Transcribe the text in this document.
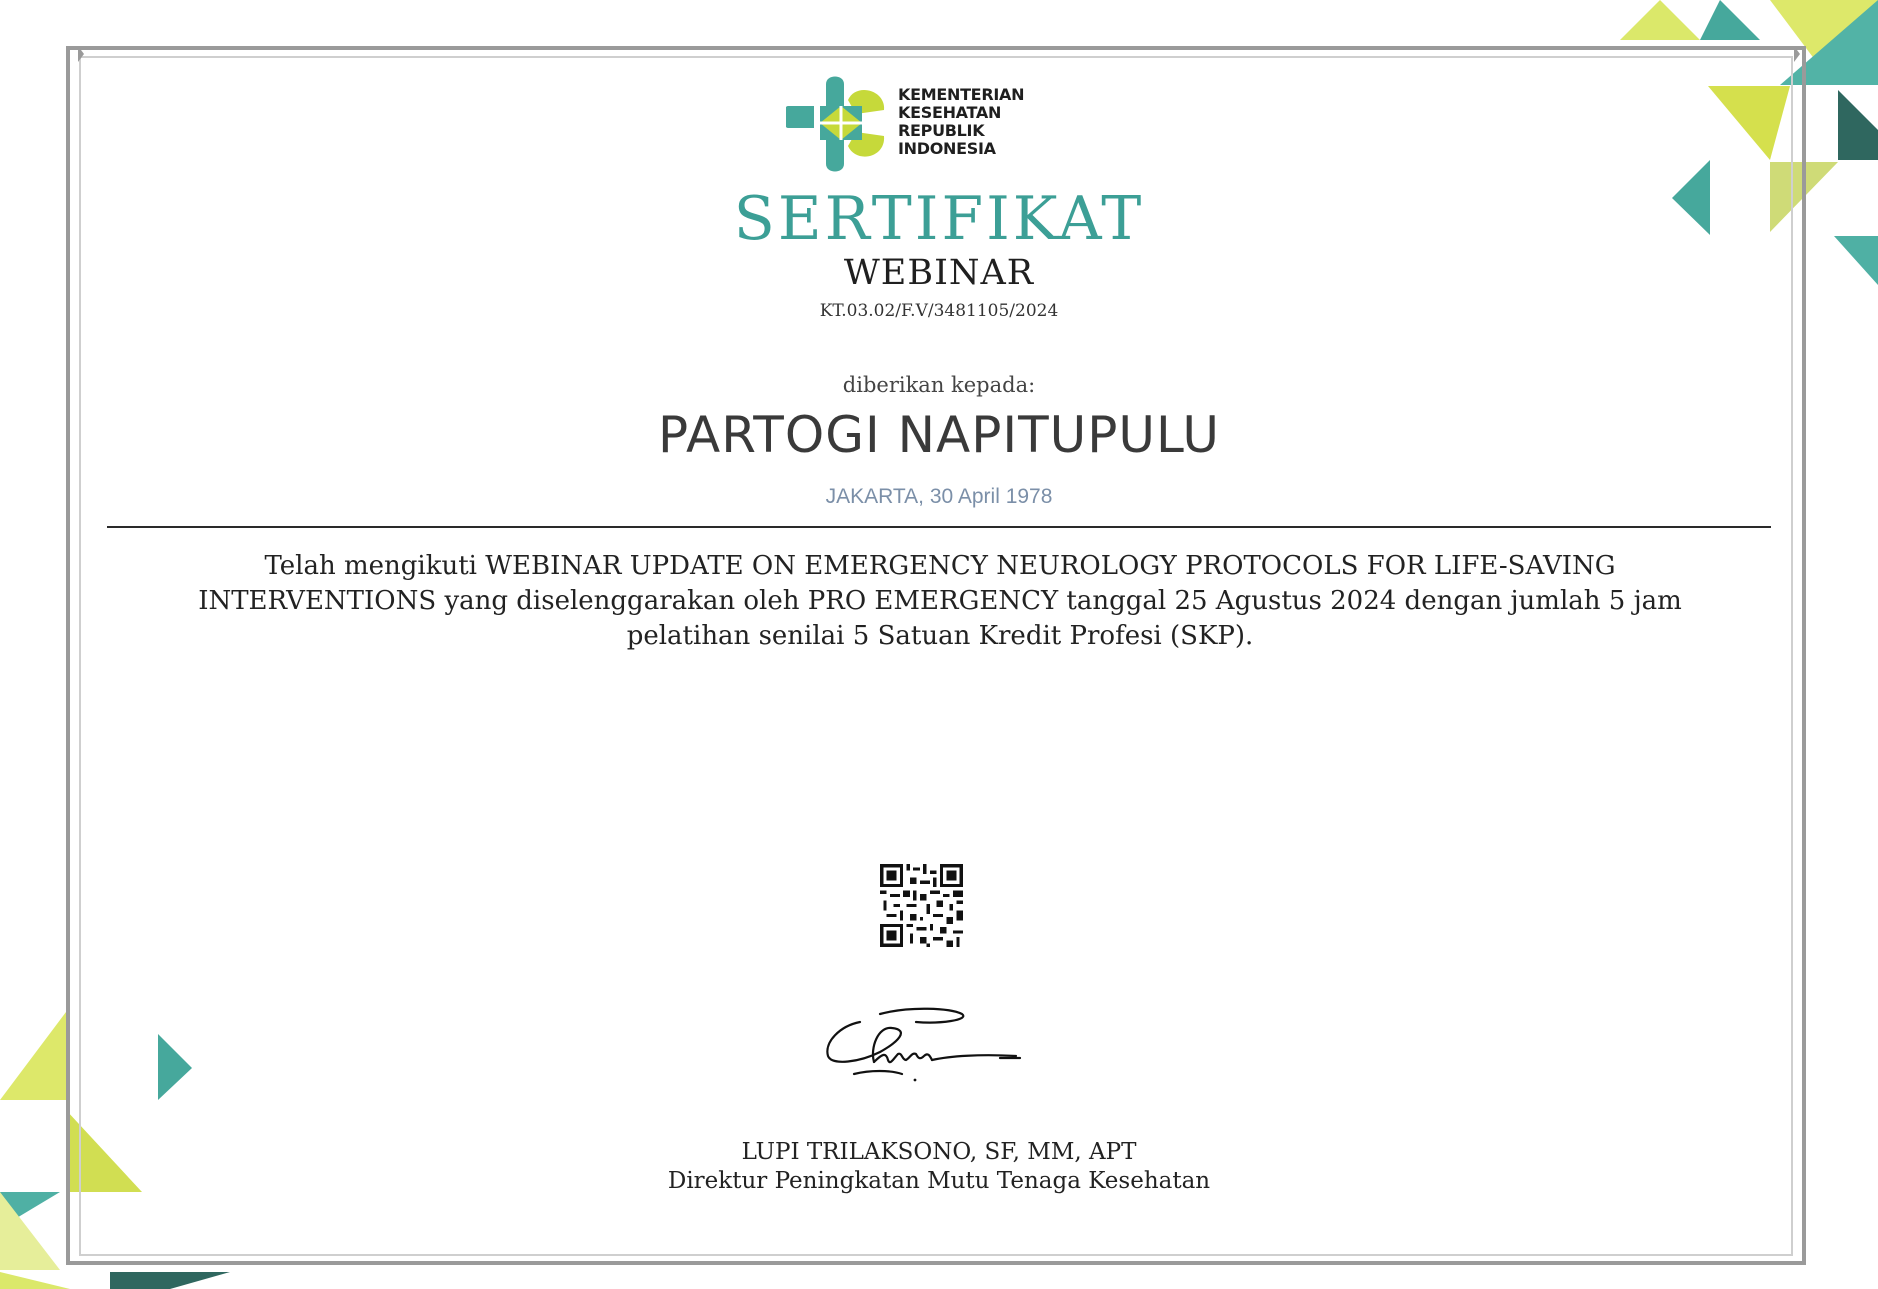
KEMENTERIAN
KESEHATAN
REPUBLIK
INDONESIA
SERTIFIKAT
WEBINAR
KT.03.02/F.V/3481105/2024
diberikan kepada:
PARTOGI NAPITUPULU
JAKARTA, 30 April 1978
Telah mengikuti WEBINAR UPDATE ON EMERGENCY NEUROLOGY PROTOCOLS FOR LIFE-SAVING INTERVENTIONS yang diselenggarakan oleh PRO EMERGENCY tanggal 25 Agustus 2024 dengan jumlah 5 jam pelatihan senilai 5 Satuan Kredit Profesi (SKP).
LUPI TRILAKSONO, SF, MM, APT
Direktur Peningkatan Mutu Tenaga Kesehatan
